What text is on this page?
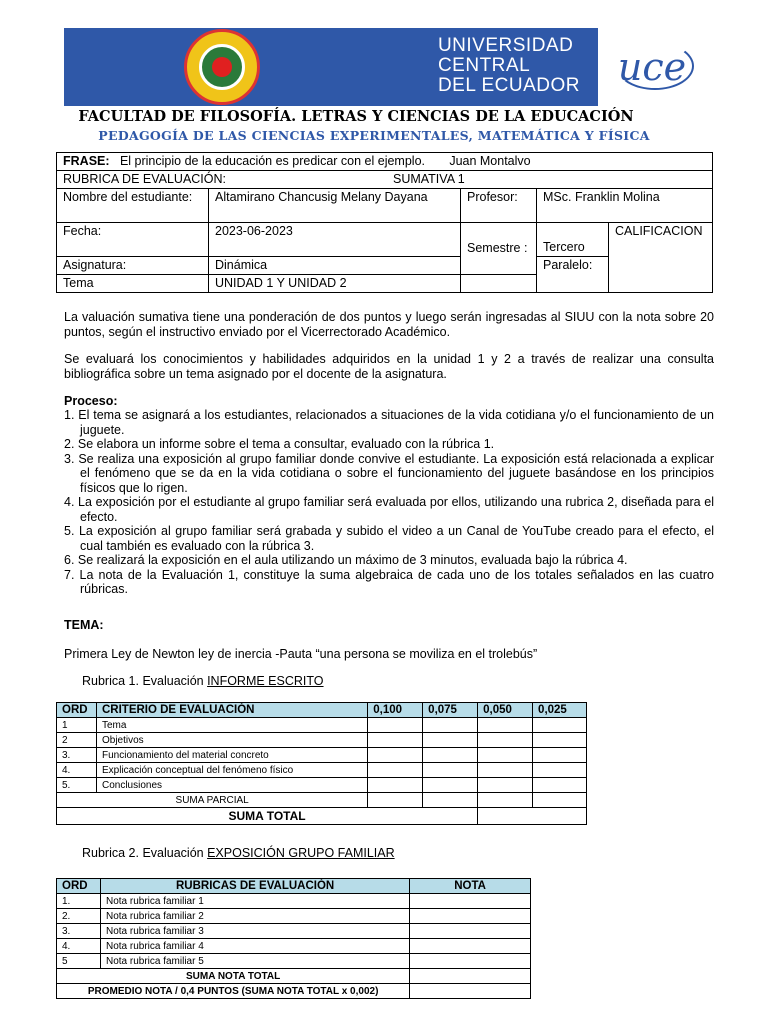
UNIVERSIDAD
CENTRAL
DEL ECUADOR uce
FACULTAD DE FILOSOFÍA. LETRAS Y CIENCIAS DE LA EDUCACIÓN
PEDAGOGÍA DE LAS CIENCIAS EXPERIMENTALES, MATEMÁTICA Y FÍSICA
FRASE: El principio de la educación es predicar con el ejemplo. Juan Montalvo				
RUBRICA DE EVALUACIÓN: SUMATIVA 1				
Nombre del estudiante:	Altamirano Chancusig Melany Dayana	Profesor:	MSc. Franklin Molina	
Fecha:	2023-06-2023	Semestre :	Tercero	CALIFICACION
Asignatura:	Dinámica		Paralelo:	
Tema	UNIDAD 1 Y UNIDAD 2			

La valuación sumativa tiene una ponderación de dos puntos y luego serán ingresadas al SIUU con la nota sobre 20 puntos, según el instructivo enviado por el Vicerrectorado Académico.

Se evaluará los conocimientos y habilidades adquiridos en la unidad 1 y 2 a través de realizar una consulta bibliográfica sobre un tema asignado por el docente de la asignatura.

Proceso:

1. El tema se asignará a los estudiantes, relacionados a situaciones de la vida cotidiana y/o el funcionamiento de un juguete.
2. Se elabora un informe sobre el tema a consultar, evaluado con la rúbrica 1.
3. Se realiza una exposición al grupo familiar donde convive el estudiante. La exposición está relacionada a explicar el fenómeno que se da en la vida cotidiana o sobre el funcionamiento del juguete basándose en los principios físicos que lo rigen.
4. La exposición por el estudiante al grupo familiar será evaluada por ellos, utilizando una rubrica 2, diseñada para el efecto.
5. La exposición al grupo familiar será grabada y subido el video a un Canal de YouTube creado para el efecto, el cual también es evaluado con la rúbrica 3.
6. Se realizará la exposición en el aula utilizando un máximo de 3 minutos, evaluada bajo la rúbrica 4.
7. La nota de la Evaluación 1, constituye la suma algebraica de cada uno de los totales señalados en las cuatro rúbricas.

TEMA:

Primera Ley de Newton ley de inercia -Pauta “una persona se moviliza en el trolebús”

Rubrica 1. Evaluación INFORME ESCRITO

ORD	CRITERIO DE EVALUACIÓN	0,100	0,075	0,050	0,025
1	Tema				
2	Objetivos				
3.	Funcionamiento del material concreto				
4.	Explicación conceptual del fenómeno físico				
5.	Conclusiones				
SUMA PARCIAL					
SUMA TOTAL					

Rubrica 2. Evaluación EXPOSICIÓN GRUPO FAMILIAR

ORD	RUBRICAS DE EVALUACIÓN	NOTA
1.	Nota rubrica familiar 1	
2.	Nota rubrica familiar 2	
3.	Nota rubrica familiar 3	
4.	Nota rubrica familiar 4	
5	Nota rubrica familiar 5	
SUMA NOTA TOTAL		
PROMEDIO NOTA / 0,4 PUNTOS (SUMA NOTA TOTAL x 0,002)		
